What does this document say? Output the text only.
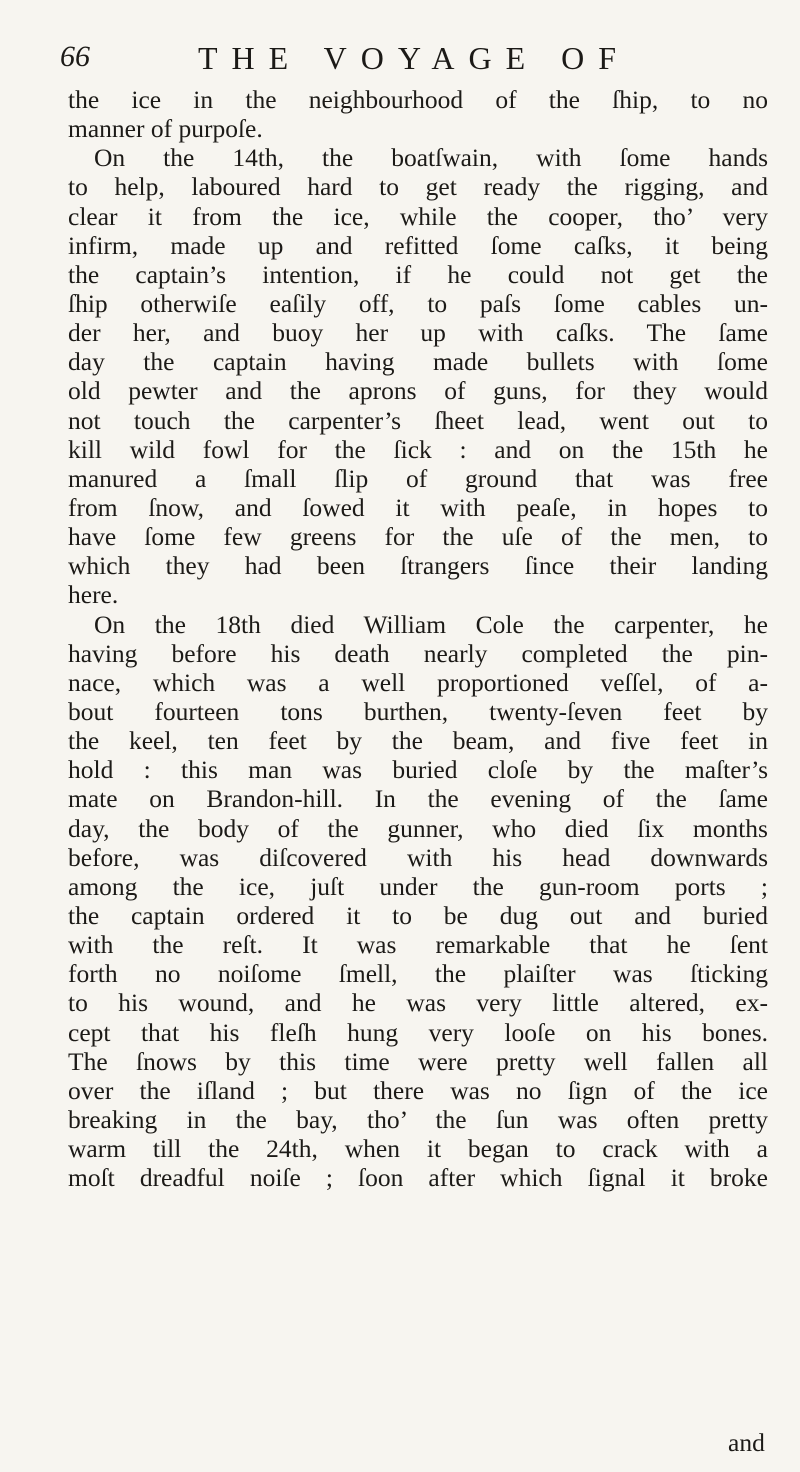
66	THE VOYAGE OF
the ice in the neighbourhood of the ſhip, to no
manner of purpoſe.
On the 14th, the boatſwain, with ſome hands
to help, laboured hard to get ready the rigging, and
clear it from the ice, while the cooper, tho’ very
infirm, made up and refitted ſome caſks, it being
the captain’s intention, if he could not get the
ſhip otherwiſe eaſily off, to paſs ſome cables un-
der her, and buoy her up with caſks. The ſame
day the captain having made bullets with ſome
old pewter and the aprons of guns, for they would
not touch the carpenter’s ſheet lead, went out to
kill wild fowl for the ſick : and on the 15th he
manured a ſmall ſlip of ground that was free
from ſnow, and ſowed it with peaſe, in hopes to
have ſome few greens for the uſe of the men, to
which they had been ſtrangers ſince their landing
here.
On the 18th died William Cole the carpenter, he
having before his death nearly completed the pin-
nace, which was a well proportioned veſſel, of a-
bout fourteen tons burthen, twenty-ſeven feet by
the keel, ten feet by the beam, and five feet in
hold : this man was buried cloſe by the maſter’s
mate on Brandon-hill. In the evening of the ſame
day, the body of the gunner, who died ſix months
before, was diſcovered with his head downwards
among the ice, juſt under the gun-room ports ;
the captain ordered it to be dug out and buried
with the reſt. It was remarkable that he ſent
forth no noiſome ſmell, the plaiſter was ſticking
to his wound, and he was very little altered, ex-
cept that his fleſh hung very looſe on his bones.
The ſnows by this time were pretty well fallen all
over the iſland ; but there was no ſign of the ice
breaking in the bay, tho’ the ſun was often pretty
warm till the 24th, when it began to crack with a
moſt dreadful noiſe ; ſoon after which ſignal it broke
and
